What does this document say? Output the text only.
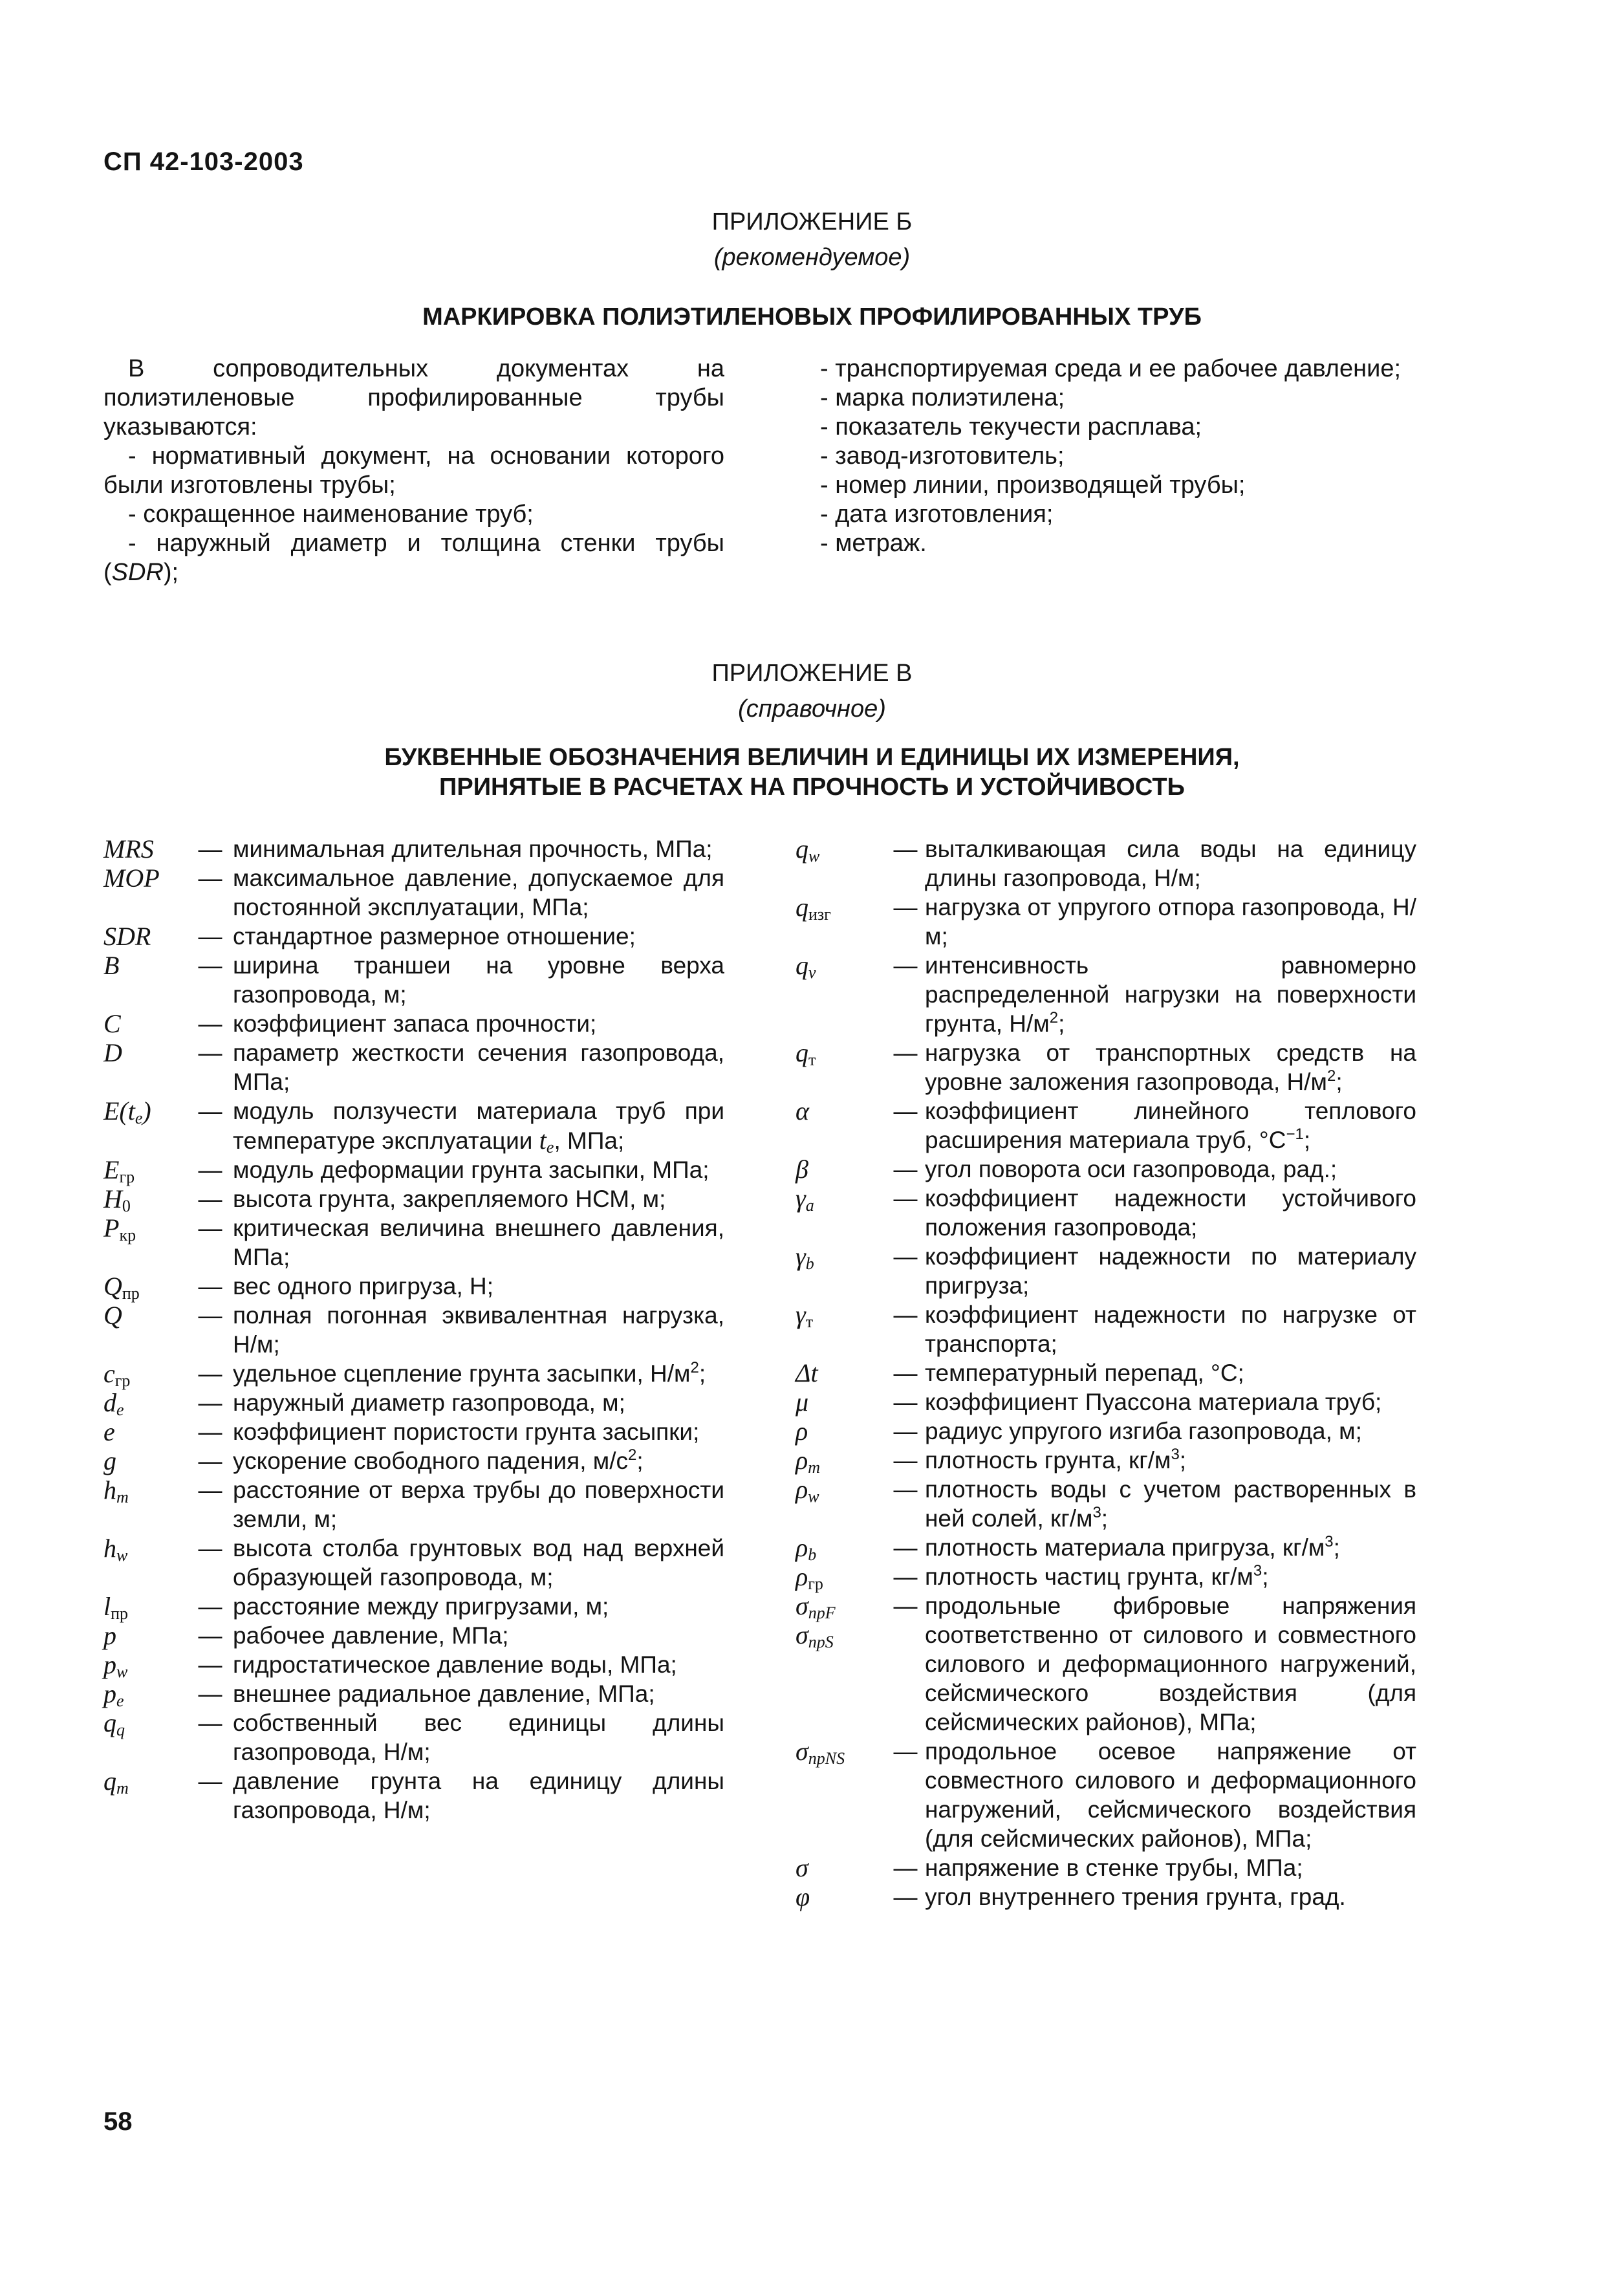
СП 42-103-2003
ПРИЛОЖЕНИЕ Б
(рекомендуемое)
МАРКИРОВКА ПОЛИЭТИЛЕНОВЫХ ПРОФИЛИРОВАННЫХ ТРУБ

В сопроводительных документах на полиэтиленовые профилированные трубы указываются:

- нормативный документ, на основании которого были изготовлены трубы;

- сокращенное наименование труб;

- наружный диаметр и толщина стенки трубы (SDR);

- транспортируемая среда и ее рабочее давление;

- марка полиэтилена;

- показатель текучести расплава;

- завод-изготовитель;

- номер линии, производящей трубы;

- дата изготовления;

- метраж.

ПРИЛОЖЕНИЕ В
(справочное)
БУКВЕННЫЕ ОБОЗНАЧЕНИЯ ВЕЛИЧИН И ЕДИНИЦЫ ИХ ИЗМЕРЕНИЯ,
ПРИНЯТЫЕ В РАСЧЕТАХ НА ПРОЧНОСТЬ И УСТОЙЧИВОСТЬ
MRS	— минимальная длительная прочность, МПа;
MOP	— максимальное давление, допускаемое для постоянной эксплуатации, МПа;
SDR	— стандартное размерное отношение;
B	— ширина траншеи на уровне верха газопровода, м;
C	— коэффициент запаса прочности;
D	— параметр жесткости сечения газопровода, МПа;
$E(t_e)$	— модуль ползучести материала труб при температуре эксплуатации $t_e$, МПа;
$E_{гр}$	— модуль деформации грунта засыпки, МПа;
$H_0$	— высота грунта, закрепляемого НСМ, м;
$P_{кр}$	— критическая величина внешнего давления, МПа;
$Q_{пр}$	— вес одного пригруза, Н;
Q	— полная погонная эквивалентная нагрузка, Н/м;
$c_{гр}$	— удельное сцепление грунта засыпки, $Н/м^2$;
$d_e$	— наружный диаметр газопровода, м;
e	— коэффициент пористости грунта засыпки;
g	— ускорение свободного падения, $м/с^2$;
$h_m$	— расстояние от верха трубы до поверхности земли, м;
$h_w$	— высота столба грунтовых вод над верхней образующей газопровода, м;
$l_{пр}$	— расстояние между пригрузами, м;
p	— рабочее давление, МПа;
$p_w$	— гидростатическое давление воды, МПа;
$p_e$	— внешнее радиальное давление, МПа;
$q_q$	— собственный вес единицы длины газопровода, Н/м;
$q_m$	— давление грунта на единицу длины газопровода, Н/м;
$q_w$	— выталкивающая сила воды на единицу длины газопровода, Н/м;
$q_{изг}$	— нагрузка от упругого отпора газопровода, Н/м;
$q_v$	— интенсивность равномерно распределенной нагрузки на поверхности грунта, $Н/м^2$;
$q_т$	— нагрузка от транспортных средств на уровне заложения газопровода, $Н/м^2$;
α	— коэффициент линейного теплового расширения материала труб, $^\circ C^{-1}$;
β	— угол поворота оси газопровода, рад.;
$\gamma_a$	— коэффициент надежности устойчивого положения газопровода;
$\gamma_b$	— коэффициент надежности по материалу пригруза;
$\gamma_т$	— коэффициент надежности по нагрузке от транспорта;
Δt	— температурный перепад, °C;
μ	— коэффициент Пуассона материала труб;
ρ	— радиус упругого изгиба газопровода, м;
$\rho_m$	— плотность грунта, $кг/м^3$;
$\rho_w$	— плотность воды с учетом растворенных в ней солей, $кг/м^3$;
$\rho_b$	— плотность материала пригруза, $кг/м^3$;
$\rho_{гр}$	— плотность частиц грунта, $кг/м^3$;
$\sigma_{прF}$
$\sigma_{прS}$
— продольные фибровые напряжения соответственно от силового и совместного силового и деформационного нагружений, сейсмического воздействия (для сейсмических районов), МПа;
$\sigma_{прNS}$	— продольное осевое напряжение от совместного силового и деформационного нагружений, сейсмического воздействия (для сейсмических районов), МПа;
σ	— напряжение в стенке трубы, МПа;
φ	— угол внутреннего трения грунта, град.
58
